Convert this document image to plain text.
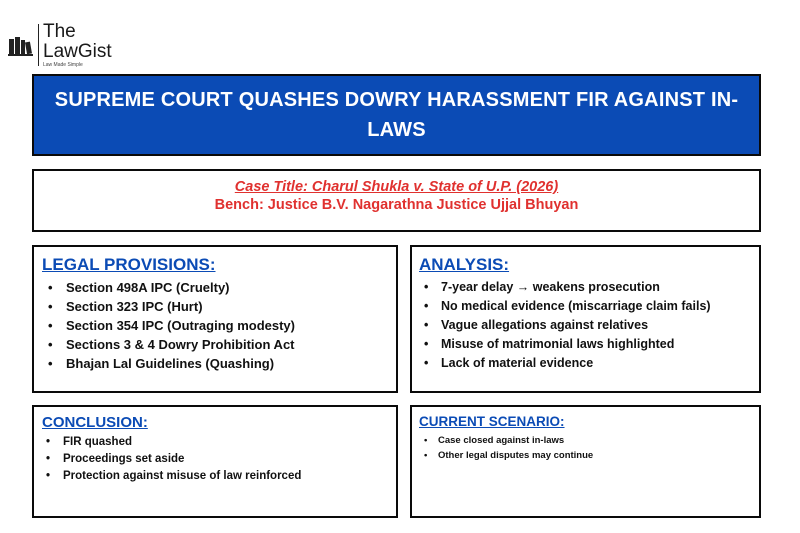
The
LawGist
Law Made Simple
SUPREME COURT QUASHES DOWRY HARASSMENT FIR AGAINST IN-LAWS
Case Title: Charul Shukla v. State of U.P. (2026)
Bench: Justice B.V. Nagarathna Justice Ujjal Bhuyan
LEGAL PROVISIONS:
• Section 498A IPC (Cruelty)
• Section 323 IPC (Hurt)
• Section 354 IPC (Outraging modesty)
• Sections 3 & 4 Dowry Prohibition Act
• Bhajan Lal Guidelines (Quashing)
ANALYSIS:
• 7-year delay → weakens prosecution
• No medical evidence (miscarriage claim fails)
• Vague allegations against relatives
• Misuse of matrimonial laws highlighted
• Lack of material evidence
CONCLUSION:
• FIR quashed
• Proceedings set aside
• Protection against misuse of law reinforced
CURRENT SCENARIO:
• Case closed against in-laws
• Other legal disputes may continue
